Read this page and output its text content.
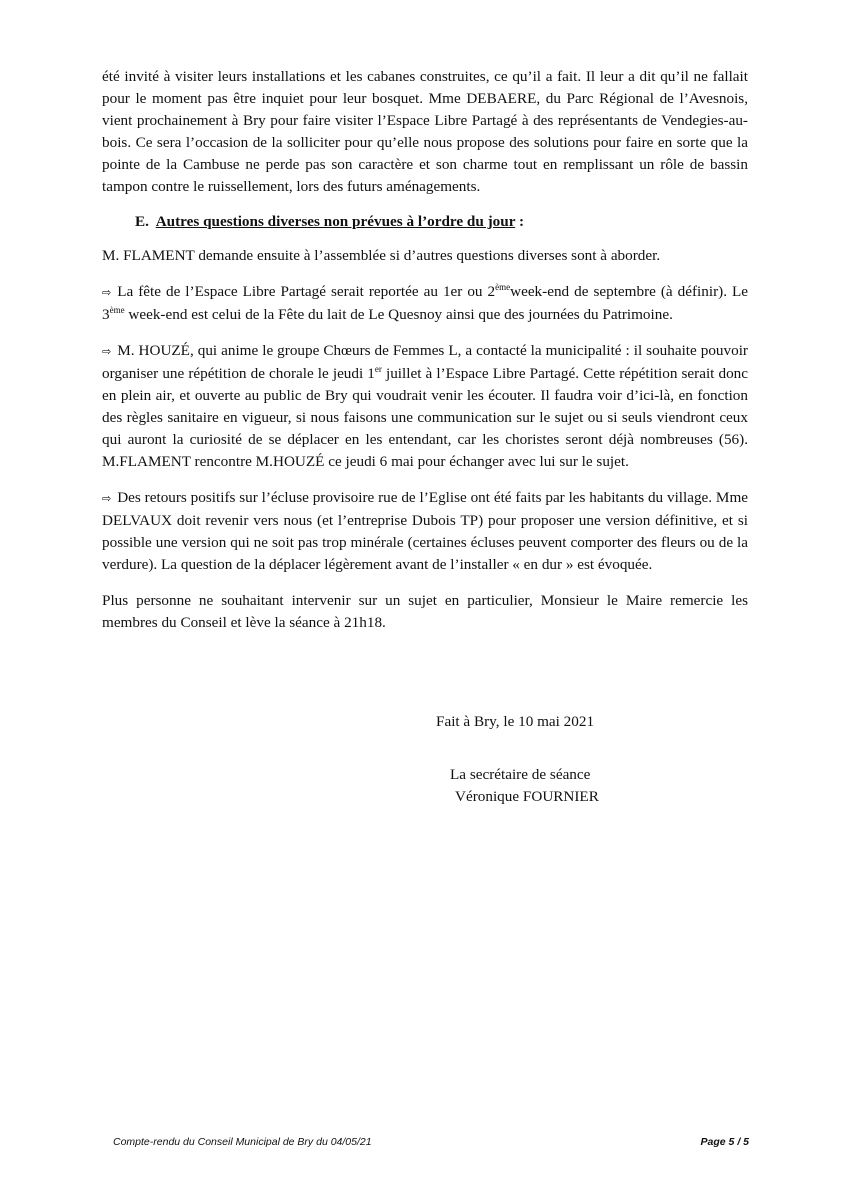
été invité à visiter leurs installations et les cabanes construites, ce qu’il a fait. Il leur a dit qu’il ne fallait pour le moment pas être inquiet pour leur bosquet. Mme DEBAERE, du Parc Régional de l’Avesnois, vient prochainement à Bry pour faire visiter l’Espace Libre Partagé à des représentants de Vendegies-au-bois. Ce sera l’occasion de la solliciter pour qu’elle nous propose des solutions pour faire en sorte que la pointe de la Cambuse ne perde pas son caractère et son charme tout en remplissant un rôle de bassin tampon contre le ruissellement, lors des futurs aménagements.

E. Autres questions diverses non prévues à l’ordre du jour :

M. FLAMENT demande ensuite à l’assemblée si d’autres questions diverses sont à aborder.

⇨ La fête de l’Espace Libre Partagé serait reportée au 1er ou 2èmeweek-end de septembre (à définir). Le 3ème week-end est celui de la Fête du lait de Le Quesnoy ainsi que des journées du Patrimoine.

⇨ M. HOUZÉ, qui anime le groupe Chœurs de Femmes L, a contacté la municipalité : il souhaite pouvoir organiser une répétition de chorale le jeudi 1er juillet à l’Espace Libre Partagé. Cette répétition serait donc en plein air, et ouverte au public de Bry qui voudrait venir les écouter. Il faudra voir d’ici-là, en fonction des règles sanitaire en vigueur, si nous faisons une communication sur le sujet ou si seuls viendront ceux qui auront la curiosité de se déplacer en les entendant, car les choristes seront déjà nombreuses (56). M.FLAMENT rencontre M.HOUZÉ ce jeudi 6 mai pour échanger avec lui sur le sujet.

⇨ Des retours positifs sur l’écluse provisoire rue de l’Eglise ont été faits par les habitants du village. Mme DELVAUX doit revenir vers nous (et l’entreprise Dubois TP) pour proposer une version définitive, et si possible une version qui ne soit pas trop minérale (certaines écluses peuvent comporter des fleurs ou de la verdure). La question de la déplacer légèrement avant de l’installer « en dur » est évoquée.

Plus personne ne souhaitant intervenir sur un sujet en particulier, Monsieur le Maire remercie les membres du Conseil et lève la séance à 21h18.

Fait à Bry, le 10 mai 2021
La secrétaire de séance
Véronique FOURNIER
Compte-rendu du Conseil Municipal de Bry du 04/05/21	Page 5 / 5
